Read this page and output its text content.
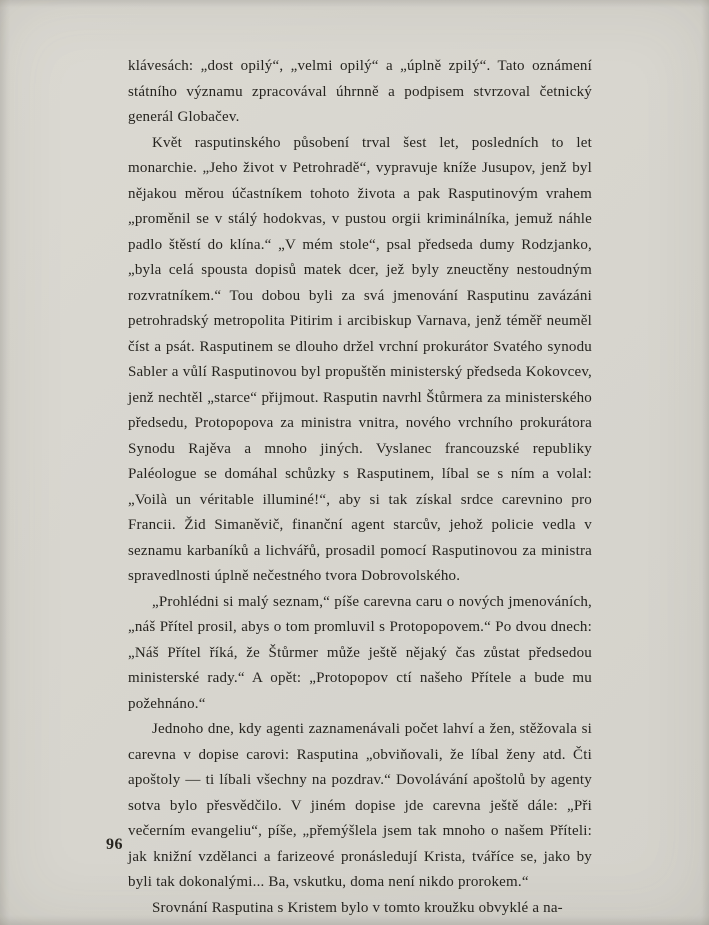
klávesách: „dost opilý“, „velmi opilý“ a „úplně zpilý“. Tato oznámení státního významu zpracovával úhrnně a podpisem stvrzoval četnický generál Globačev.

Květ rasputinského působení trval šest let, posledních to let monarchie. „Jeho život v Petrohradě“, vypravuje kníže Jusupov, jenž byl nějakou měrou účastníkem tohoto života a pak Rasputinovým vrahem „proměnil se v stálý hodokvas, v pustou orgii kriminálníka, jemuž náhle padlo štěstí do klína.“ „V mém stole“, psal předseda dumy Rodzjanko, „byla celá spousta dopisů matek dcer, jež byly zneuctěny nestoudným rozvratníkem.“ Tou dobou byli za svá jmenování Rasputinu zavázáni petrohradský metropolita Pitirim i arcibiskup Varnava, jenž téměř neuměl číst a psát. Rasputinem se dlouho držel vrchní prokurátor Svatého synodu Sabler a vůlí Rasputinovou byl propuštěn ministerský předseda Kokovcev, jenž nechtěl „starce“ přijmout. Rasputin navrhl Štůrmera za ministerského předsedu, Protopopova za ministra vnitra, nového vrchního prokurátora Synodu Rajěva a mnoho jiných. Vyslanec francouzské republiky Paléologue se domáhal schůzky s Rasputinem, líbal se s ním a volal: „Voilà un véritable illuminé!“, aby si tak získal srdce carevnino pro Francii. Žid Simaněvič, finanční agent starcův, jehož policie vedla v seznamu karbaníků a lichvářů, prosadil pomocí Rasputinovou za ministra spravedlnosti úplně nečestného tvora Dobrovolského.

„Prohlédni si malý seznam,“ píše carevna caru o nových jmenováních, „náš Přítel prosil, abys o tom promluvil s Protopopovem.“ Po dvou dnech: „Náš Přítel říká, že Štůrmer může ještě nějaký čas zůstat předsedou ministerské rady.“ A opět: „Protopopov ctí našeho Přítele a bude mu požehnáno.“

Jednoho dne, kdy agenti zaznamenávali počet lahví a žen, stěžovala si carevna v dopise carovi: Rasputina „obviňovali, že líbal ženy atd. Čti apoštoly — ti líbali všechny na pozdrav.“ Dovolávání apoštolů by agenty sotva bylo přesvědčilo. V jiném dopise jde carevna ještě dále: „Při večerním evangeliu“, píše, „přemýšlela jsem tak mnoho o našem Příteli: jak knižní vzdělanci a farizeové pronásledují Krista, tváříce se, jako by byli tak dokonalými... Ba, vskutku, doma není nikdo prorokem.“

Srovnání Rasputina s Kristem bylo v tomto kroužku obvyklé a na-

96
